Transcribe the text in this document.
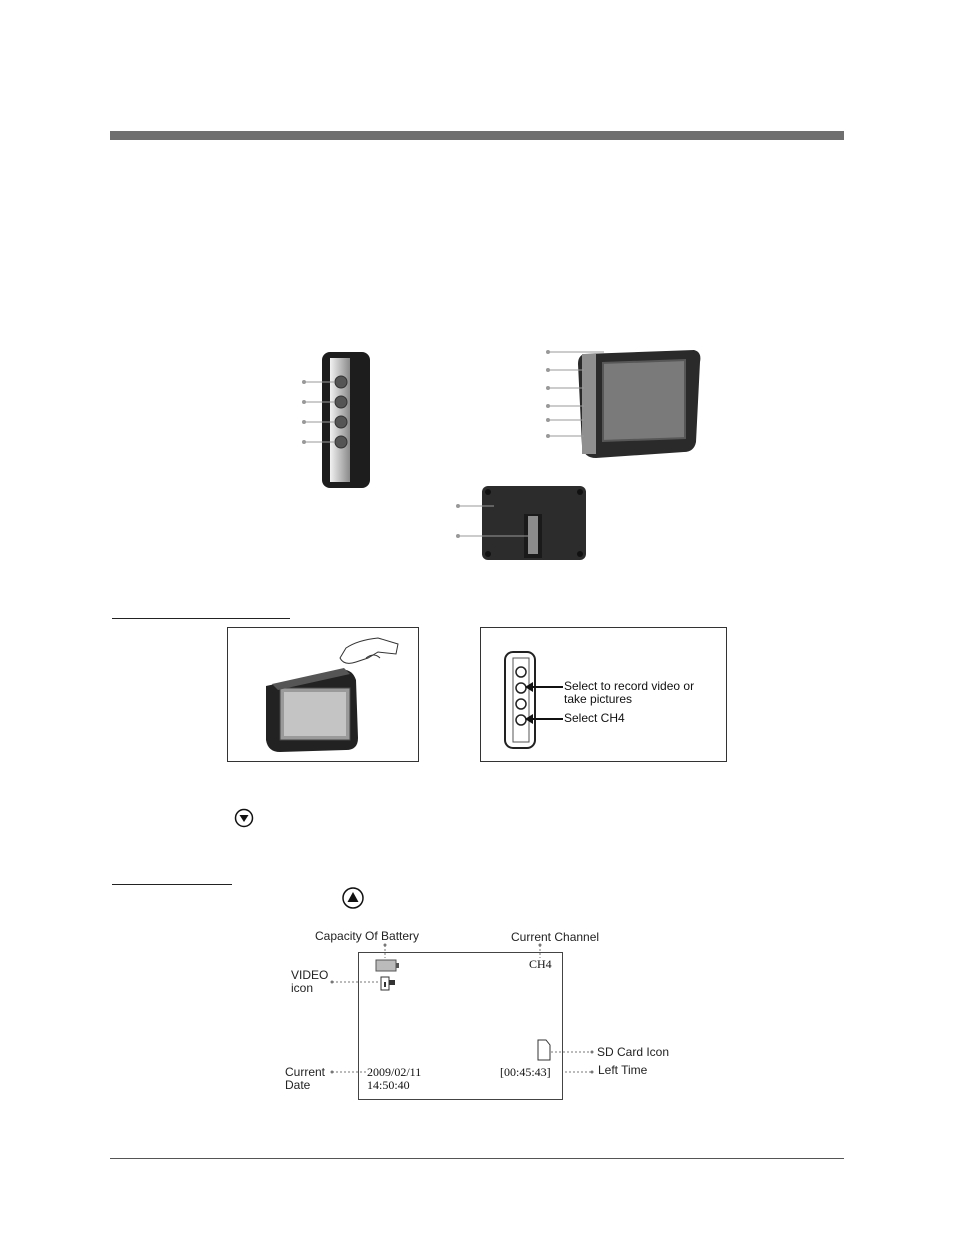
Select to record video or take pictures
Select CH4
Capacity Of Battery	Current Channel
VIDEO icon
Current Date
SD Card Icon
Left Time
CH4
[00:45:43]
2009/02/11
14:50:40
